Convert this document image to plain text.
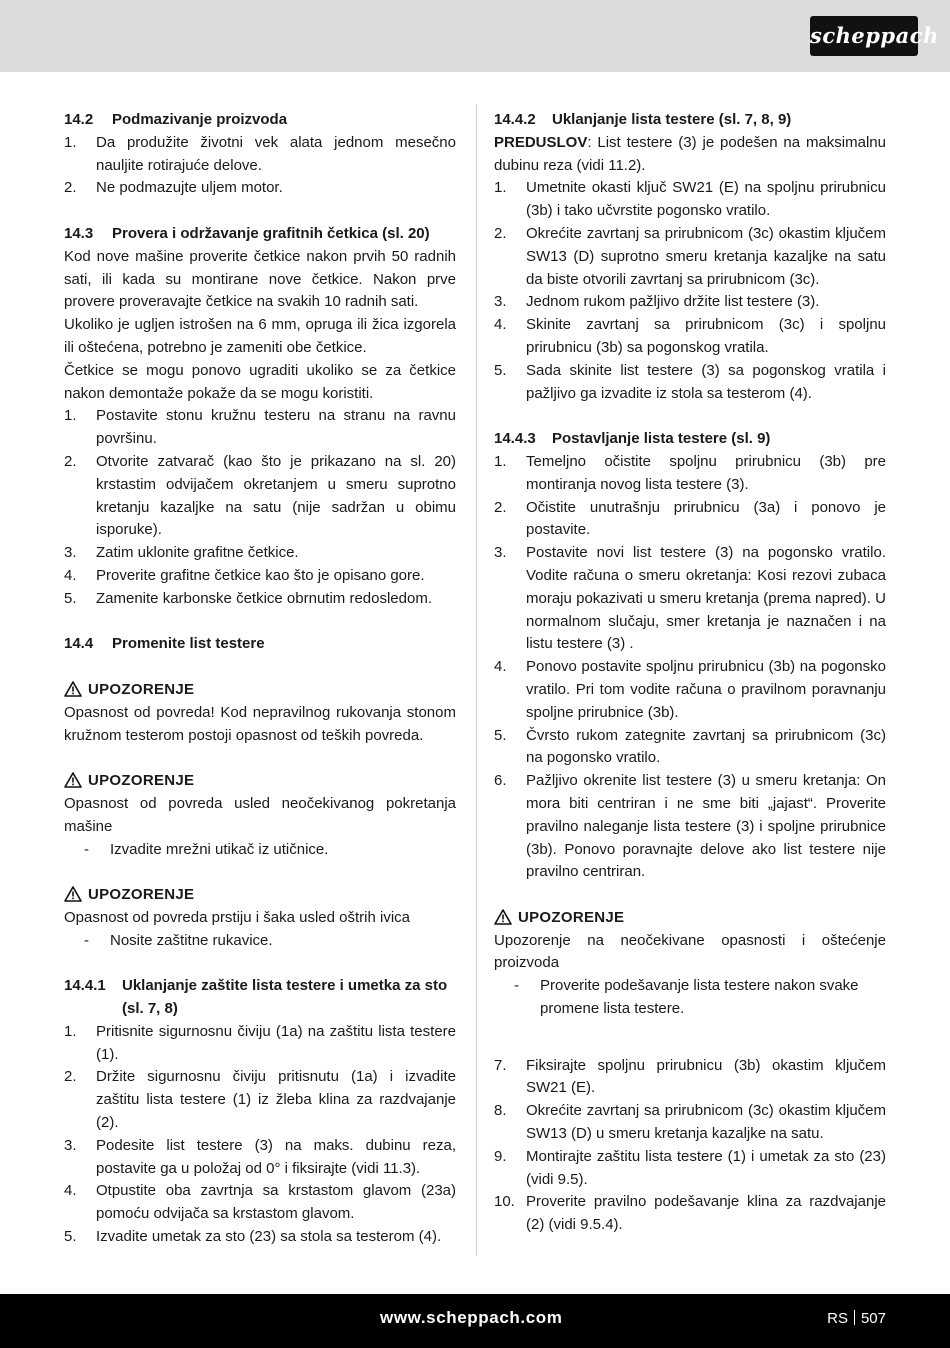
scheppach

14.2 Podmazivanje proizvoda

1. Da produžite životni vek alata jednom mesečno nauljite rotirajuće delove.

2. Ne podmazujte uljem motor.

14.3 Provera i održavanje grafitnih četkica (sl. 20)

Kod nove mašine proverite četkice nakon prvih 50 radnih sati, ili kada su montirane nove četkice. Nakon prve provere proveravajte četkice na svakih 10 radnih sati.

Ukoliko je ugljen istrošen na 6 mm, opruga ili žica izgorela ili oštećena, potrebno je zameniti obe četkice.

Četkice se mogu ponovo ugraditi ukoliko se za četkice nakon demontaže pokaže da se mogu koristiti.

1. Postavite stonu kružnu testeru na stranu na ravnu površinu.

2. Otvorite zatvarač (kao što je prikazano na sl. 20) krstastim odvijačem okretanjem u smeru suprotno kretanju kazaljke na satu (nije sadržan u obimu isporuke).

3. Zatim uklonite grafitne četkice.

4. Proverite grafitne četkice kao što je opisano gore.

5. Zamenite karbonske četkice obrnutim redosledom.

14.4 Promenite list testere

UPOZORENJE

Opasnost od povreda! Kod nepravilnog rukovanja stonom kružnom testerom postoji opasnost od teških povreda.

UPOZORENJE

Opasnost od povreda usled neočekivanog pokretanja mašine

- Izvadite mrežni utikač iz utičnice.

UPOZORENJE

Opasnost od povreda prstiju i šaka usled oštrih ivica

- Nosite zaštitne rukavice.

14.4.1 Uklanjanje zaštite lista testere i umetka za sto (sl. 7, 8)

1. Pritisnite sigurnosnu čiviju (1a) na zaštitu lista testere (1).

2. Držite sigurnosnu čiviju pritisnutu (1a) i izvadite zaštitu lista testere (1) iz žleba klina za razdvajanje (2).

3. Podesite list testere (3) na maks. dubinu reza, postavite ga u položaj od 0° i fiksirajte (vidi 11.3).

4. Otpustite oba zavrtnja sa krstastom glavom (23a) pomoću odvijača sa krstastom glavom.

5. Izvadite umetak za sto (23) sa stola sa testerom (4).

14.4.2 Uklanjanje lista testere (sl. 7, 8, 9)

PREDUSLOV: List testere (3) je podešen na maksimalnu dubinu reza (vidi 11.2).

1. Umetnite okasti ključ SW21 (E) na spoljnu prirubnicu (3b) i tako učvrstite pogonsko vratilo.

2. Okrećite zavrtanj sa prirubnicom (3c) okastim ključem SW13 (D) suprotno smeru kretanja kazaljke na satu da biste otvorili zavrtanj sa prirubnicom (3c).

3. Jednom rukom pažljivo držite list testere (3).

4. Skinite zavrtanj sa prirubnicom (3c) i spoljnu prirubnicu (3b) sa pogonskog vratila.

5. Sada skinite list testere (3) sa pogonskog vratila i pažljivo ga izvadite iz stola sa testerom (4).

14.4.3 Postavljanje lista testere (sl. 9)

1. Temeljno očistite spoljnu prirubnicu (3b) pre montiranja novog lista testere (3).

2. Očistite unutrašnju prirubnicu (3a) i ponovo je postavite.

3. Postavite novi list testere (3) na pogonsko vratilo. Vodite računa o smeru okretanja: Kosi rezovi zubaca moraju pokazivati u smeru kretanja (prema napred). U normalnom slučaju, smer kretanja je naznačen i na listu testere (3) .

4. Ponovo postavite spoljnu prirubnicu (3b) na pogonsko vratilo. Pri tom vodite računa o pravilnom poravnanju spoljne prirubnice (3b).

5. Čvrsto rukom zategnite zavrtanj sa prirubnicom (3c) na pogonsko vratilo.

6. Pažljivo okrenite list testere (3) u smeru kretanja: On mora biti centriran i ne sme biti „jajast“. Proverite pravilno naleganje lista testere (3) i spoljne prirubnice (3b). Ponovo poravnajte delove ako list testere nije pravilno centriran.

UPOZORENJE

Upozorenje na neočekivane opasnosti i oštećenje proizvoda

- Proverite podešavanje lista testere nakon svake promene lista testere.

7. Fiksirajte spoljnu prirubnicu (3b) okastim ključem SW21 (E).

8. Okrećite zavrtanj sa prirubnicom (3c) okastim ključem SW13 (D) u smeru kretanja kazaljke na satu.

9. Montirajte zaštitu lista testere (1) i umetak za sto (23) (vidi 9.5).

10. Proverite pravilno podešavanje klina za razdvajanje (2) (vidi 9.5.4).

www.scheppach.com	RS 507
